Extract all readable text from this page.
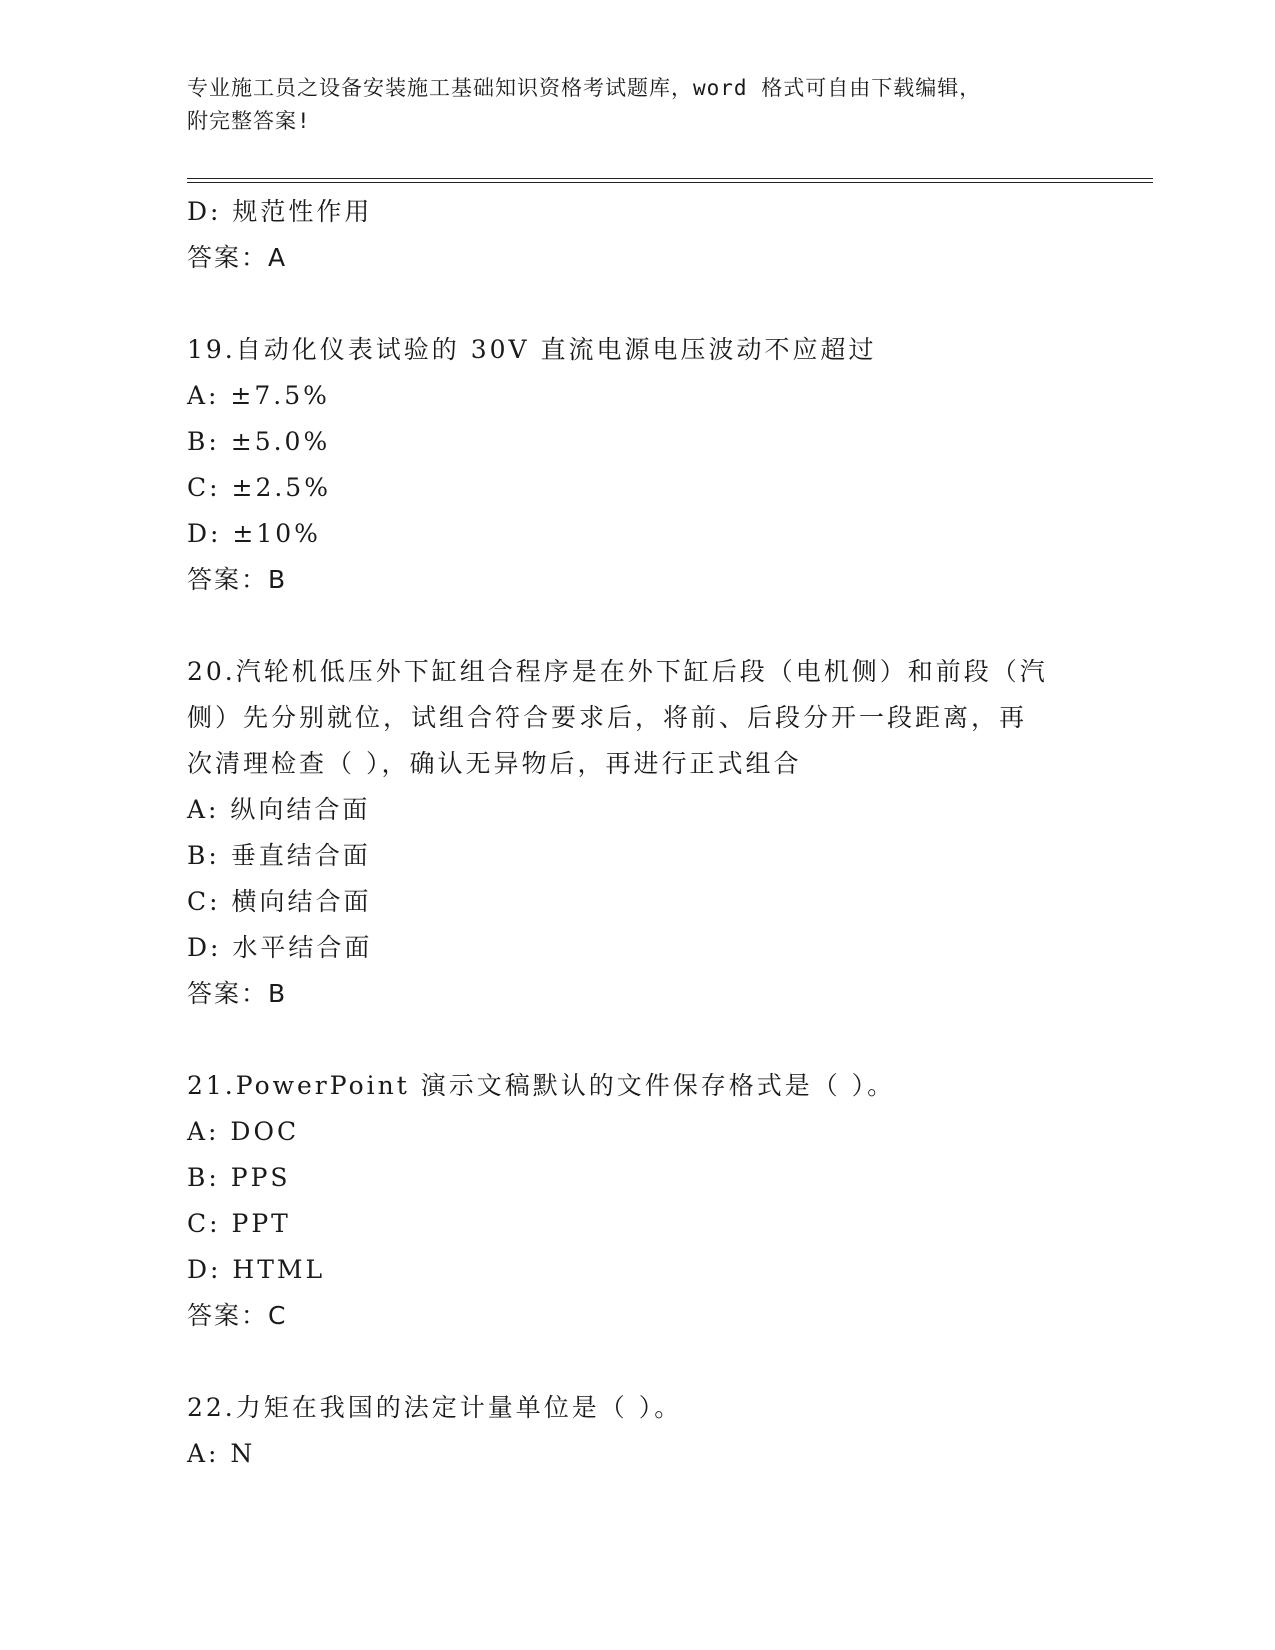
专业施工员之设备安装施工基础知识资格考试题库，word 格式可自由下载编辑，
附完整答案!
D: 规范性作用
答案：A
19.自动化仪表试验的 30V 直流电源电压波动不应超过
A: ±7.5%
B: ±5.0%
C: ±2.5%
D: ±10%
答案：B
20.汽轮机低压外下缸组合程序是在外下缸后段（电机侧）和前段（汽
侧）先分别就位，试组合符合要求后，将前、后段分开一段距离，再
次清理检查（ ），确认无异物后，再进行正式组合
A: 纵向结合面
B: 垂直结合面
C: 横向结合面
D: 水平结合面
答案：B
21.PowerPoint 演示文稿默认的文件保存格式是（ ）。
A: DOC
B: PPS
C: PPT
D: HTML
答案：C
22.力矩在我国的法定计量单位是（ ）。
A: N
